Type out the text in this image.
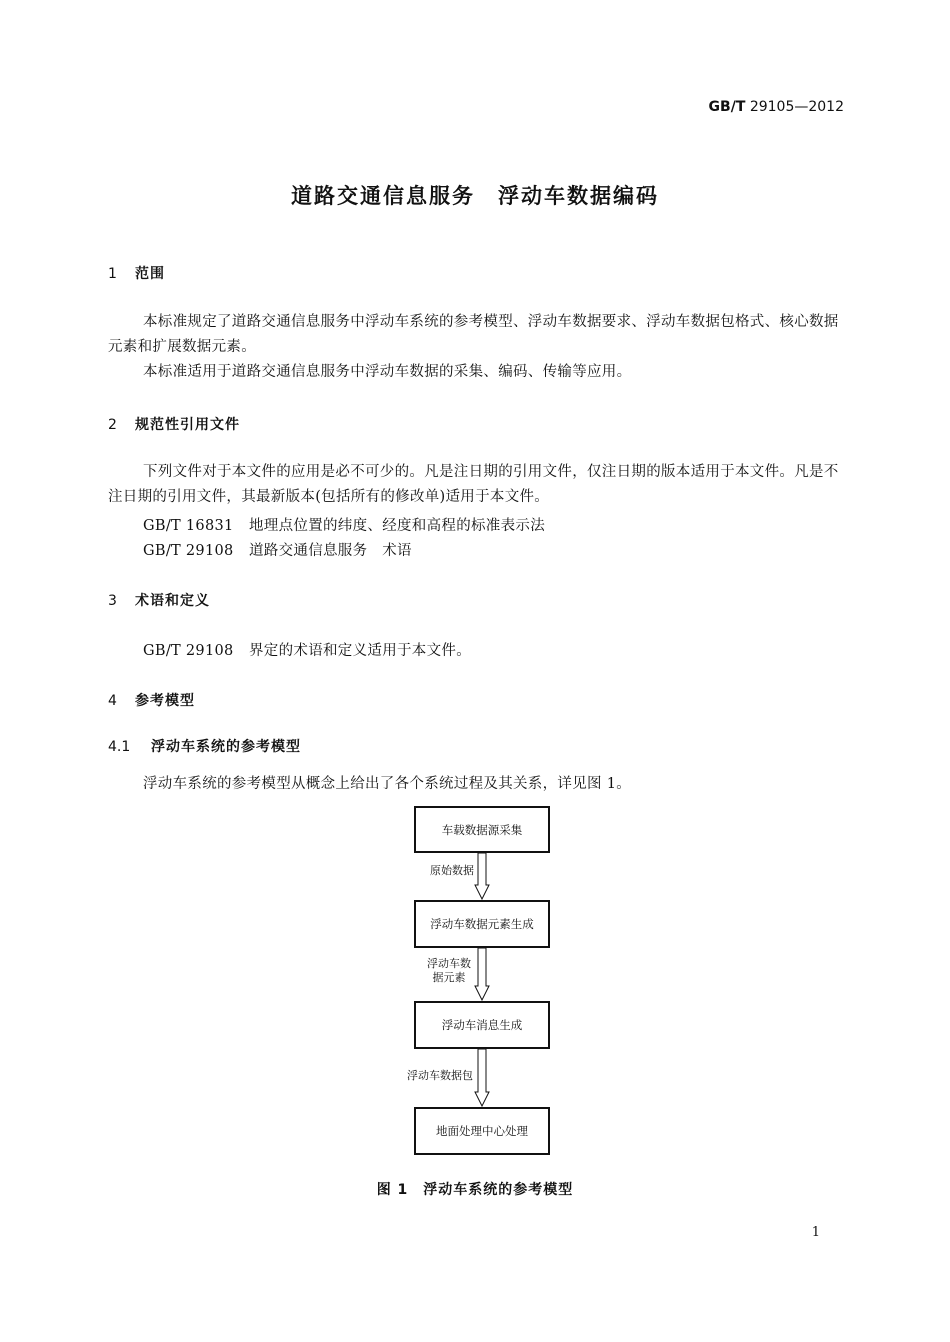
GB/T 29105—2012
道路交通信息服务　浮动车数据编码
1 范围
本标准规定了道路交通信息服务中浮动车系统的参考模型、浮动车数据要求、浮动车数据包格式、核心数据元素和扩展数据元素。
本标准适用于道路交通信息服务中浮动车数据的采集、编码、传输等应用。
2 规范性引用文件
下列文件对于本文件的应用是必不可少的。凡是注日期的引用文件，仅注日期的版本适用于本文件。凡是不注日期的引用文件，其最新版本(包括所有的修改单)适用于本文件。
GB/T 16831 地理点位置的纬度、经度和高程的标准表示法
GB/T 29108 道路交通信息服务　术语
3 术语和定义
GB/T 29108 界定的术语和定义适用于本文件。
4 参考模型
4.1 浮动车系统的参考模型
浮动车系统的参考模型从概念上给出了各个系统过程及其关系，详见图 1。
车载数据源采集
浮动车数据元素生成
浮动车消息生成
地面处理中心处理
原始数据
浮动车数
据元素
浮动车数据包
图 1　浮动车系统的参考模型
1
